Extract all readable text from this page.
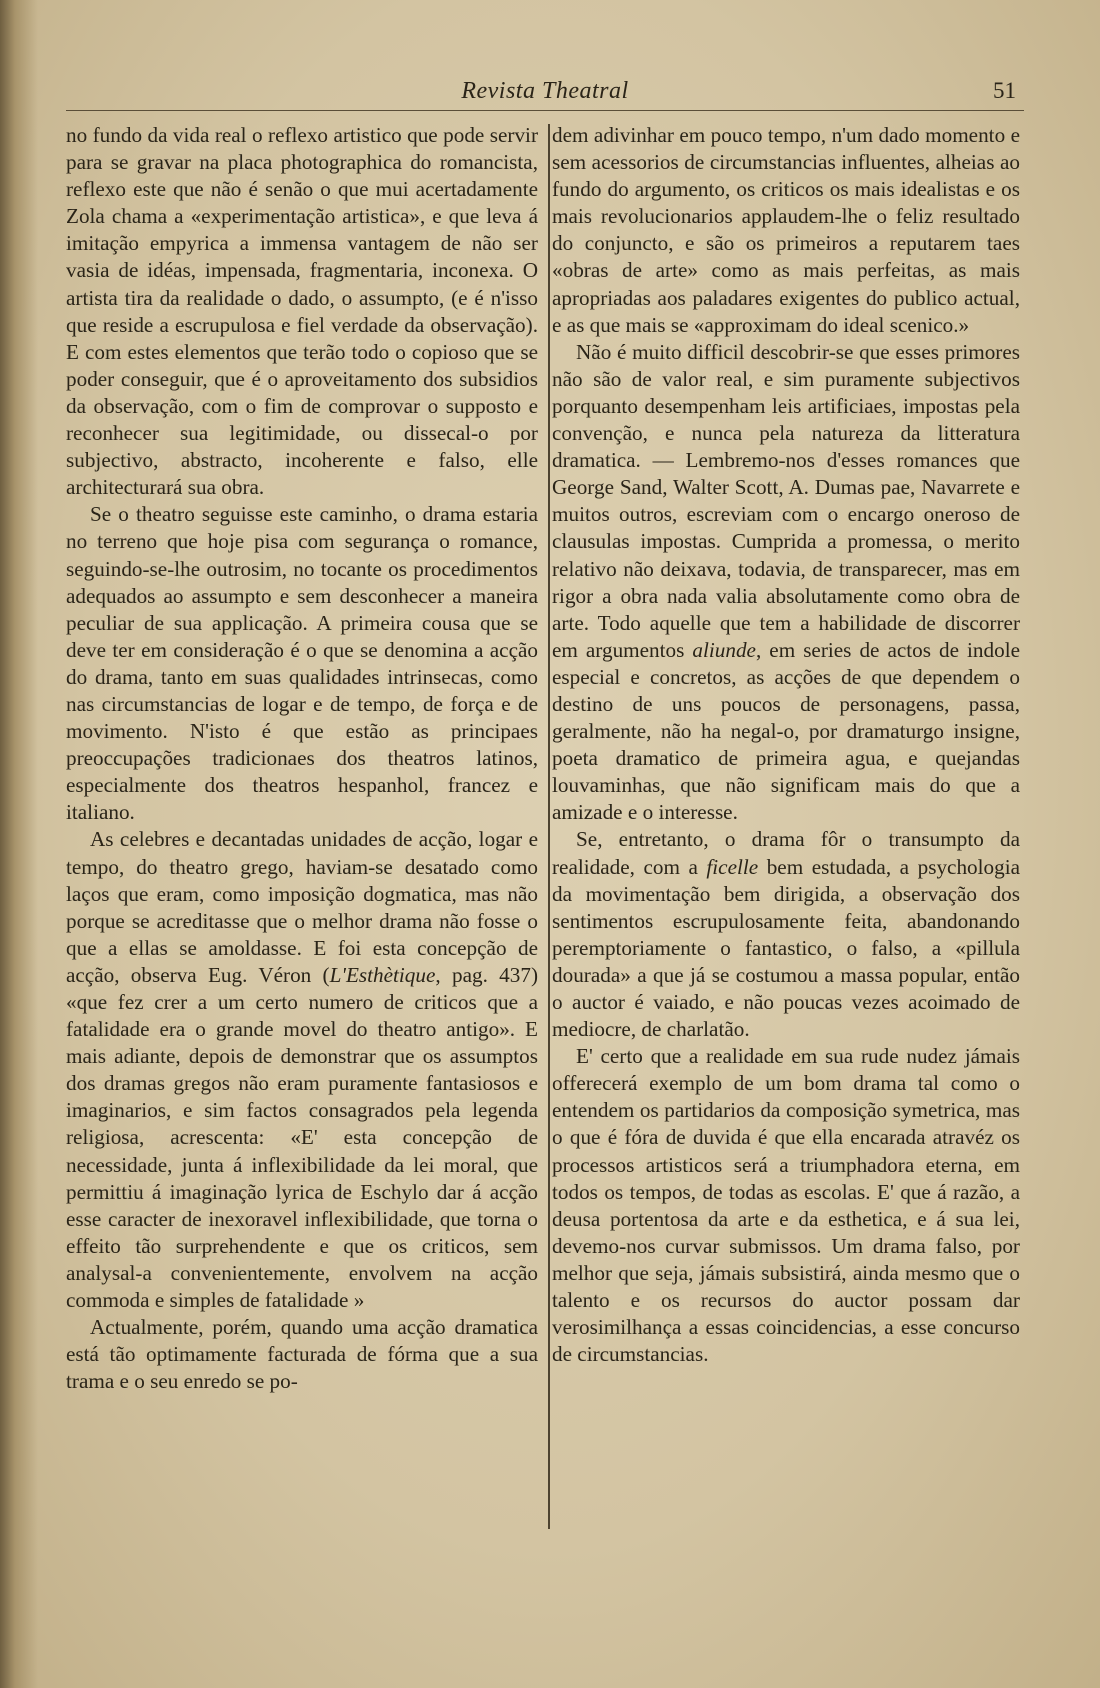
Revista Theatral	51

no fundo da vida real o reflexo artistico que pode servir para se gravar na placa photographica do romancista, reflexo este que não é senão o que mui acertadamente Zola chama a «experimentação artistica», e que leva á imitação empyrica a immensa vantagem de não ser vasia de idéas, impensada, fragmentaria, inconexa. O artista tira da realidade o dado, o assumpto, (e é n'isso que reside a escrupulosa e fiel verdade da observação). E com estes elementos que terão todo o copioso que se poder conseguir, que é o aproveitamento dos subsidios da observação, com o fim de comprovar o supposto e reconhecer sua legitimidade, ou dissecal-o por subjectivo, abstracto, incoherente e falso, elle architecturará sua obra.

Se o theatro seguisse este caminho, o drama estaria no terreno que hoje pisa com segurança o romance, seguindo-se-lhe outrosim, no tocante os procedimentos adequados ao assumpto e sem desconhecer a maneira peculiar de sua applicação. A primeira cousa que se deve ter em consideração é o que se denomina a acção do drama, tanto em suas qualidades intrinsecas, como nas circumstancias de logar e de tempo, de força e de movimento. N'isto é que estão as principaes preoccupações tradicionaes dos theatros latinos, especialmente dos theatros hespanhol, francez e italiano.

As celebres e decantadas unidades de acção, logar e tempo, do theatro grego, haviam-se desatado como laços que eram, como imposição dogmatica, mas não porque se acreditasse que o melhor drama não fosse o que a ellas se amoldasse. E foi esta concepção de acção, observa Eug. Véron (L'Esthètique, pag. 437) «que fez crer a um certo numero de criticos que a fatalidade era o grande movel do theatro antigo». E mais adiante, depois de demonstrar que os assumptos dos dramas gregos não eram puramente fantasiosos e imaginarios, e sim factos consagrados pela legenda religiosa, acrescenta: «E' esta concepção de necessidade, junta á inflexibilidade da lei moral, que permittiu á imaginação lyrica de Eschylo dar á acção esse caracter de inexoravel inflexibilidade, que torna o effeito tão surprehendente e que os criticos, sem analysal-a convenientemente, envolvem na acção commoda e simples de fatalidade »

Actualmente, porém, quando uma acção dramatica está tão optimamente facturada de fórma que a sua trama e o seu enredo se po-

dem adivinhar em pouco tempo, n'um dado momento e sem acessorios de circumstancias influentes, alheias ao fundo do argumento, os criticos os mais idealistas e os mais revolucionarios applaudem-lhe o feliz resultado do conjuncto, e são os primeiros a reputarem taes «obras de arte» como as mais perfeitas, as mais apropriadas aos paladares exigentes do publico actual, e as que mais se «approximam do ideal scenico.»

Não é muito difficil descobrir-se que esses primores não são de valor real, e sim puramente subjectivos porquanto desempenham leis artificiaes, impostas pela convenção, e nunca pela natureza da litteratura dramatica. — Lembremo-nos d'esses romances que George Sand, Walter Scott, A. Dumas pae, Navarrete e muitos outros, escreviam com o encargo oneroso de clausulas impostas. Cumprida a promessa, o merito relativo não deixava, todavia, de transparecer, mas em rigor a obra nada valia absolutamente como obra de arte. Todo aquelle que tem a habilidade de discorrer em argumentos aliunde, em series de actos de indole especial e concretos, as acções de que dependem o destino de uns poucos de personagens, passa, geralmente, não ha negal-o, por dramaturgo insigne, poeta dramatico de primeira agua, e quejandas louvaminhas, que não significam mais do que a amizade e o interesse.

Se, entretanto, o drama fôr o transumpto da realidade, com a ficelle bem estudada, a psychologia da movimentação bem dirigida, a observação dos sentimentos escrupulosamente feita, abandonando peremptoriamente o fantastico, o falso, a «pillula dourada» a que já se costumou a massa popular, então o auctor é vaiado, e não poucas vezes acoimado de mediocre, de charlatão.

E' certo que a realidade em sua rude nudez jámais offerecerá exemplo de um bom drama tal como o entendem os partidarios da composição symetrica, mas o que é fóra de duvida é que ella encarada atravéz os processos artisticos será a triumphadora eterna, em todos os tempos, de todas as escolas. E' que á razão, a deusa portentosa da arte e da esthetica, e á sua lei, devemo-nos curvar submissos. Um drama falso, por melhor que seja, jámais subsistirá, ainda mesmo que o talento e os recursos do auctor possam dar verosimilhança a essas coincidencias, a esse concurso de circumstancias.
